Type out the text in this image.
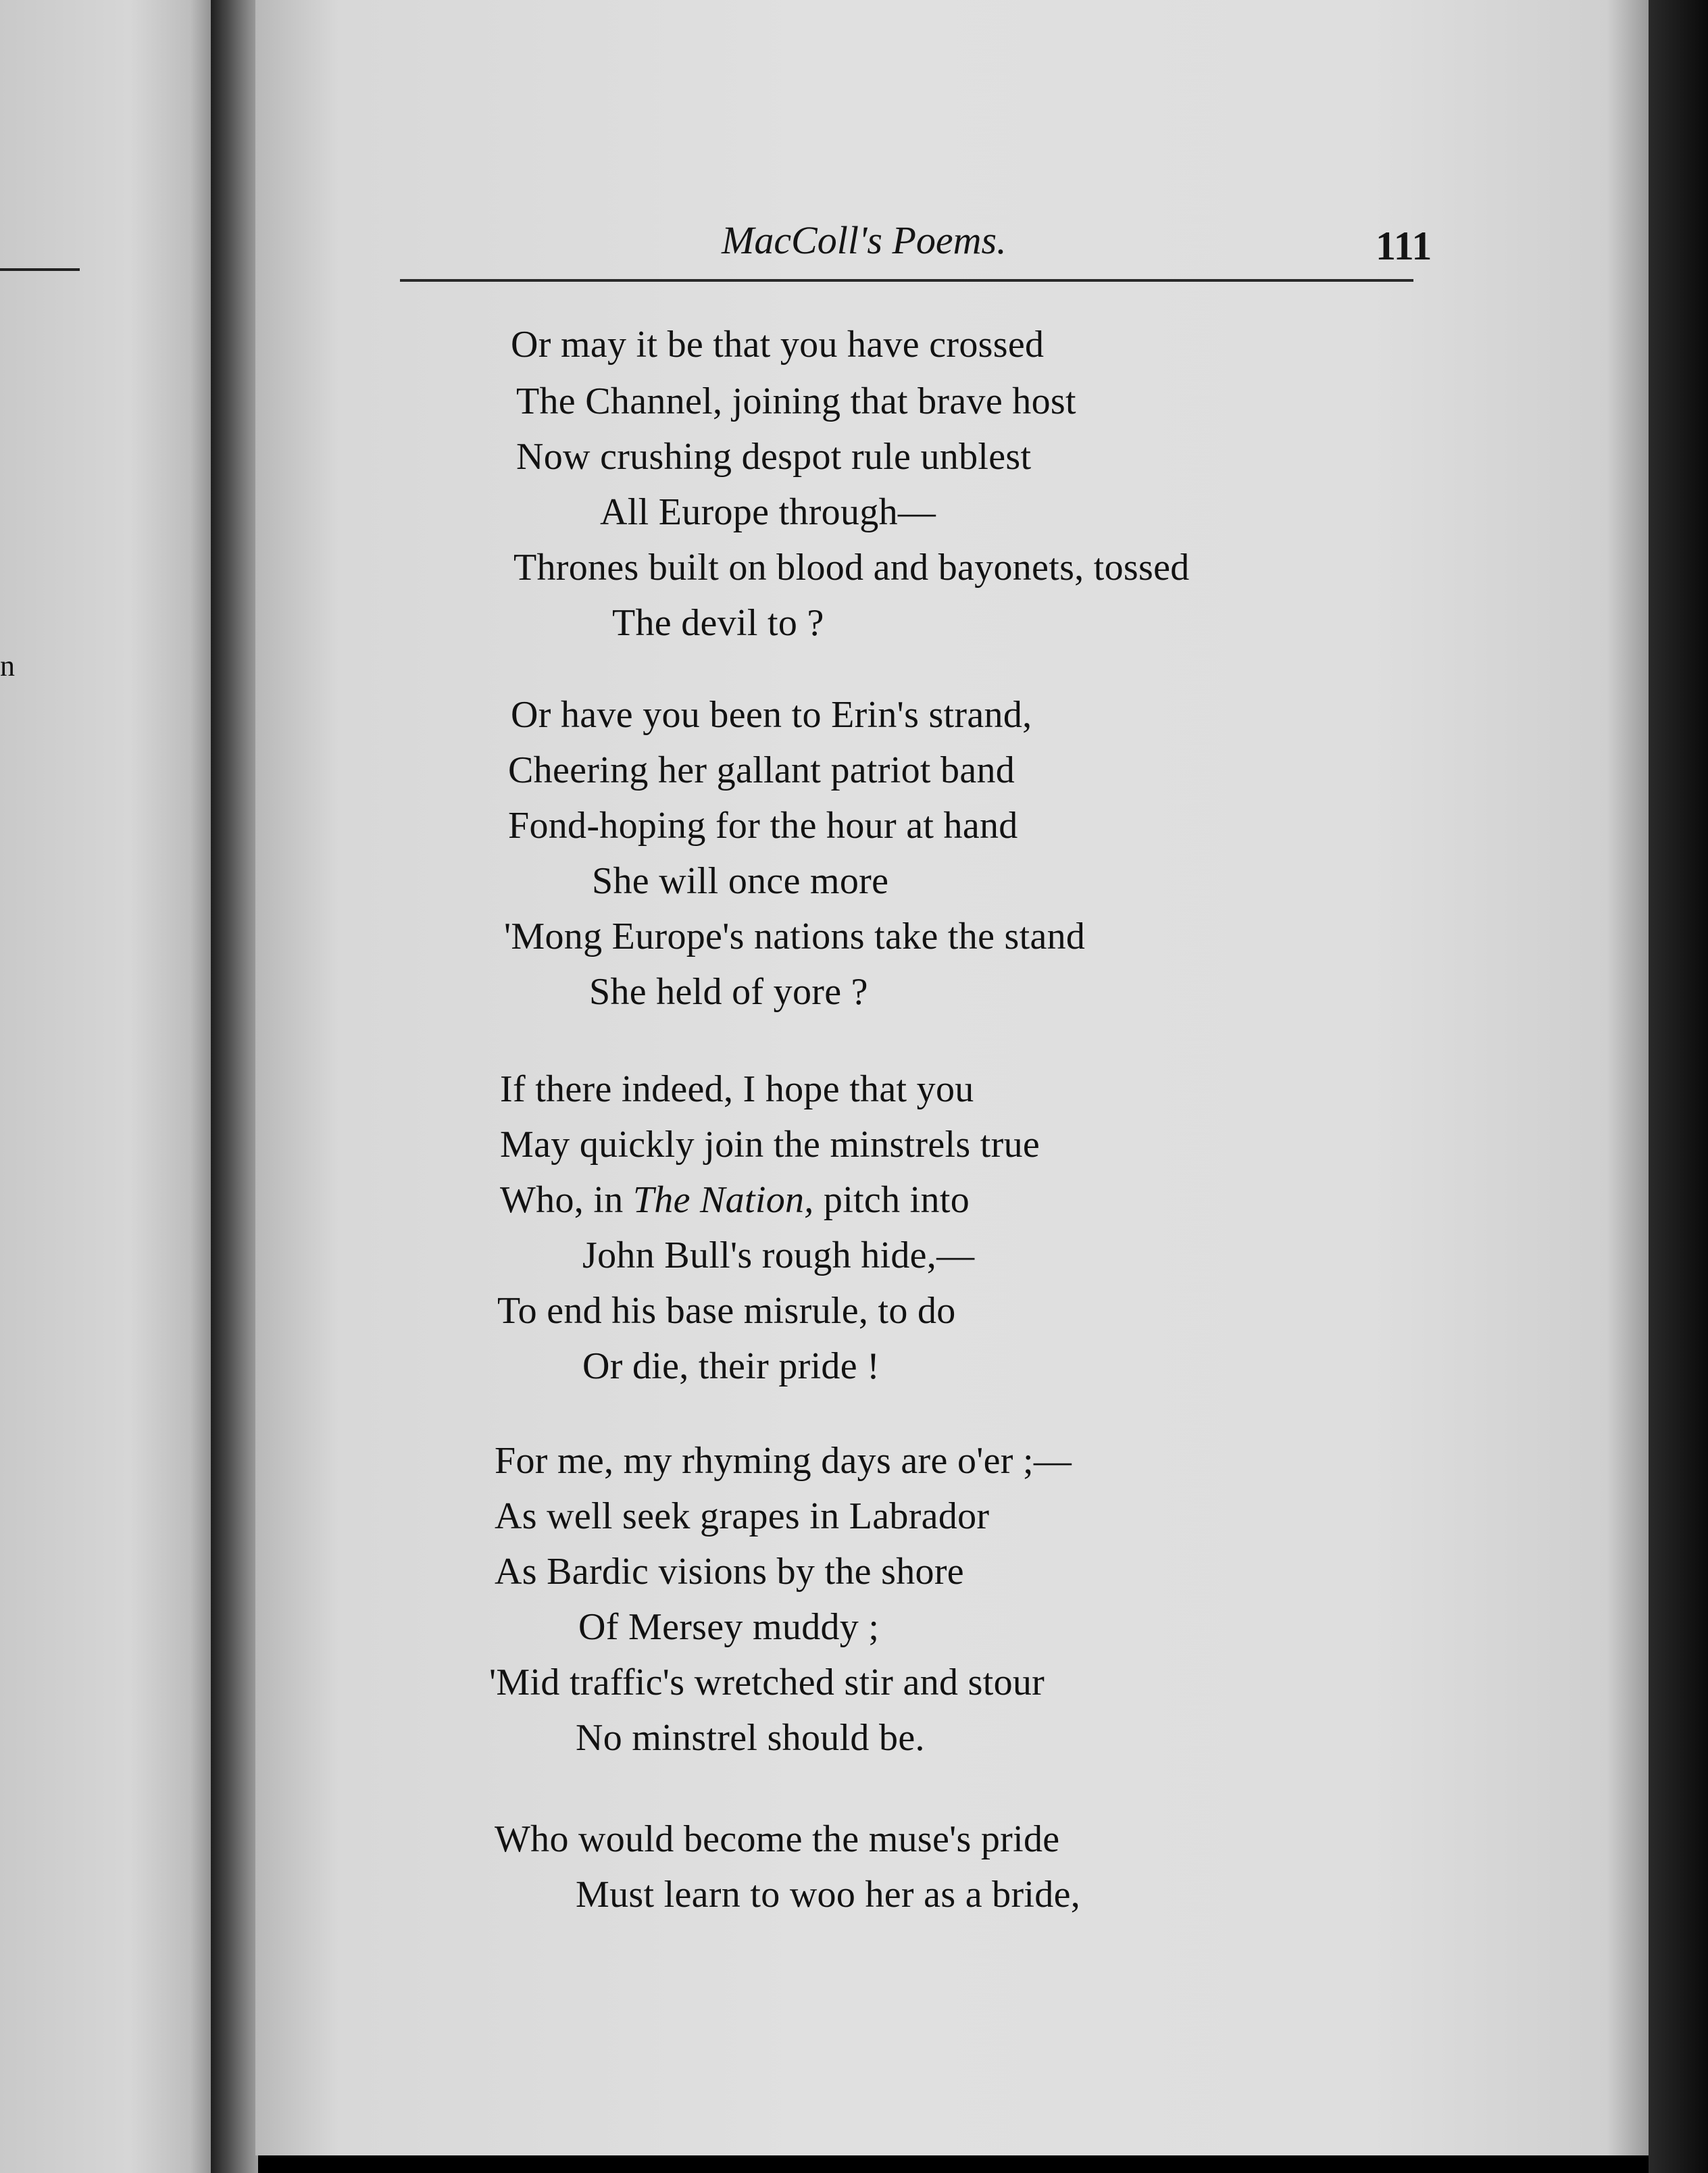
n
MacColl's Poems.	111
Or may it be that you have crossed
The Channel, joining that brave host
Now crushing despot rule unblest
All Europe through—
Thrones built on blood and bayonets, tossed
The devil to ?
Or have you been to Erin's strand,
Cheering her gallant patriot band
Fond-hoping for the hour at hand
She will once more
'Mong Europe's nations take the stand
She held of yore ?
If there indeed, I hope that you
May quickly join the minstrels true
Who, in The Nation, pitch into
John Bull's rough hide,—
To end his base misrule, to do
Or die, their pride !
For me, my rhyming days are o'er ;—
As well seek grapes in Labrador
As Bardic visions by the shore
Of Mersey muddy ;
'Mid traffic's wretched stir and stour
No minstrel should be.
Who would become the muse's pride
Must learn to woo her as a bride,
